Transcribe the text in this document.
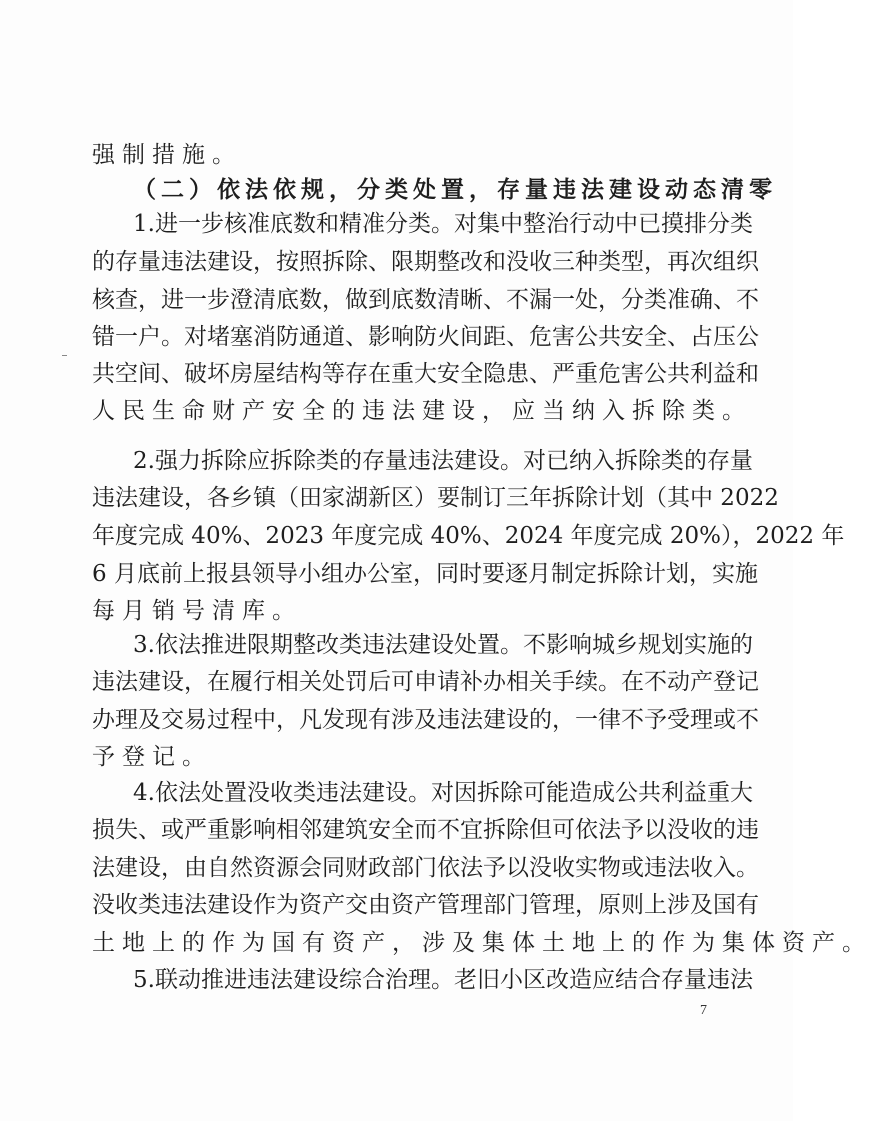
强制措施。
（二）依法依规，分类处置，存量违法建设动态清零
1.进一步核准底数和精准分类。对集中整治行动中已摸排分类
的存量违法建设，按照拆除、限期整改和没收三种类型，再次组织
核查，进一步澄清底数，做到底数清晰、不漏一处，分类准确、不
错一户。对堵塞消防通道、影响防火间距、危害公共安全、占压公
共空间、破坏房屋结构等存在重大安全隐患、严重危害公共利益和
人民生命财产安全的违法建设，应当纳入拆除类。
2.强力拆除应拆除类的存量违法建设。对已纳入拆除类的存量
违法建设，各乡镇（田家湖新区）要制订三年拆除计划（其中 2022
年度完成 40%、2023 年度完成 40%、2024 年度完成 20%），2022 年
6 月底前上报县领导小组办公室，同时要逐月制定拆除计划，实施
每月销号清库。
3.依法推进限期整改类违法建设处置。不影响城乡规划实施的
违法建设，在履行相关处罚后可申请补办相关手续。在不动产登记
办理及交易过程中，凡发现有涉及违法建设的，一律不予受理或不
予登记。
4.依法处置没收类违法建设。对因拆除可能造成公共利益重大
损失、或严重影响相邻建筑安全而不宜拆除但可依法予以没收的违
法建设，由自然资源会同财政部门依法予以没收实物或违法收入。
没收类违法建设作为资产交由资产管理部门管理，原则上涉及国有
土地上的作为国有资产，涉及集体土地上的作为集体资产。
5.联动推进违法建设综合治理。老旧小区改造应结合存量违法
7
